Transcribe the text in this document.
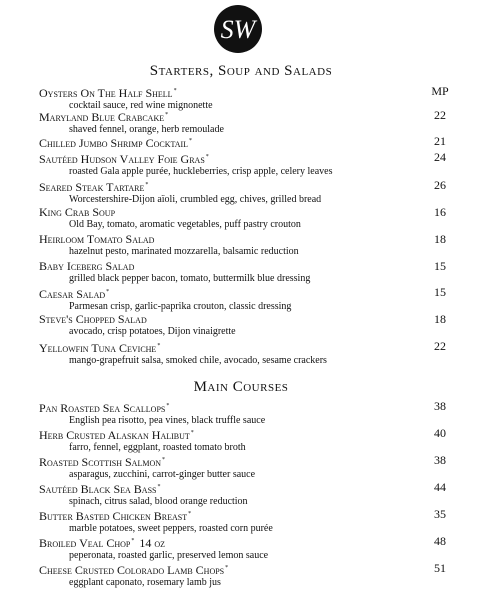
SW
Starters, Soup and Salads
Main Courses
Oysters On The Half Shell*
cocktail sauce, red wine mignonette
MP
Maryland Blue Crabcake*
shaved fennel, orange, herb remoulade
22
Chilled Jumbo Shrimp Cocktail*	21
Sautéed Hudson Valley Foie Gras*
roasted Gala apple purée, huckleberries, crisp apple, celery leaves
24
Seared Steak Tartare*
Worcestershire-Dijon aïoli, crumbled egg, chives, grilled bread
26
King Crab Soup
Old Bay, tomato, aromatic vegetables, puff pastry crouton
16
Heirloom Tomato Salad
hazelnut pesto, marinated mozzarella, balsamic reduction
18
Baby Iceberg Salad
grilled black pepper bacon, tomato, buttermilk blue dressing
15
Caesar Salad*
Parmesan crisp, garlic-paprika crouton, classic dressing
15
Steve's Chopped Salad
avocado, crisp potatoes, Dijon vinaigrette
18
Yellowfin Tuna Ceviche*
mango-grapefruit salsa, smoked chile, avocado, sesame crackers
22
Pan Roasted Sea Scallops*
English pea risotto, pea vines, black truffle sauce
38
Herb Crusted Alaskan Halibut*
farro, fennel, eggplant, roasted tomato broth
40
Roasted Scottish Salmon*
asparagus, zucchini, carrot-ginger butter sauce
38
Sautéed Black Sea Bass*
spinach, citrus salad, blood orange reduction
44
Butter Basted Chicken Breast*
marble potatoes, sweet peppers, roasted corn purée
35
Broiled Veal Chop* 14 oz
peperonata, roasted garlic, preserved lemon sauce
48
Cheese Crusted Colorado Lamb Chops*
eggplant caponato, rosemary lamb jus
51
